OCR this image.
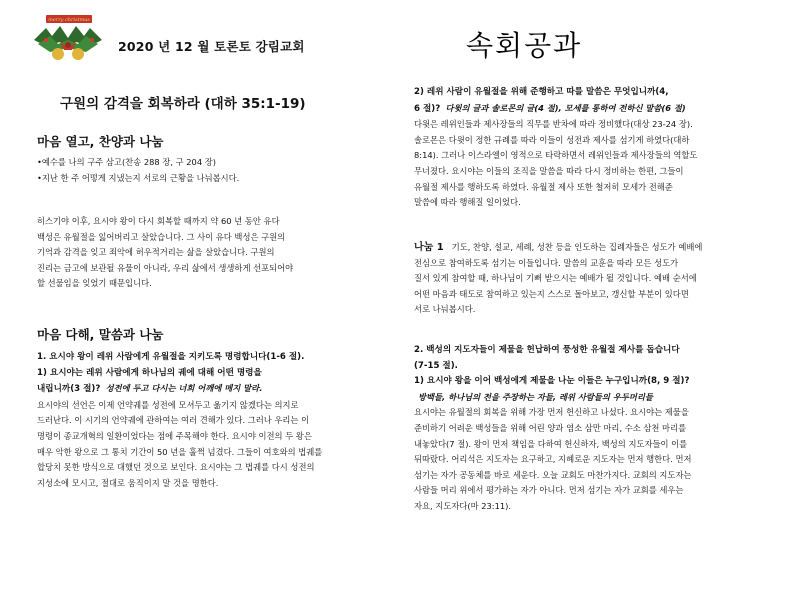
merry christmas
2020 년 12 월 토론토 강림교회	속회공과
구원의 감격을 회복하라 (대하 35:1-19)
마음 열고, 찬양과 나눔

•예수를 나의 구주 삼고(찬송 288 장, 구 204 장)

•지난 한 주 어떻게 지냈는지 서로의 근황을 나눠봅시다.

히스기야 이후, 요시야 왕이 다시 회복할 때까지 약 60 년 동안 유다

백성은 유월절을 잃어버리고 살았습니다. 그 사이 유다 백성은 구원의

기억과 감격을 잊고 죄악에 허우적거리는 삶을 살았습니다. 구원의

진리는 금고에 보관될 유물이 아니라, 우리 삶에서 생생하게 선포되어야

할 선물임을 잊었기 때문입니다.

마음 다해, 말씀과 나눔

1. 요시야 왕이 레위 사람에게 유월절을 지키도록 명령합니다(1-6 절).

1) 요시야는 레위 사람에게 하나님의 궤에 대해 어떤 명령을

내립니까(3 절)? 성전에 두고 다시는 너희 어깨에 메지 말라.

요시야의 선언은 이제 언약궤를 성전에 모셔두고 옮기지 않겠다는 의지로

드러난다. 이 시기의 언약궤에 관하여는 여러 견해가 있다. 그러나 우리는 이

명령이 종교개혁의 일환이었다는 점에 주목해야 한다. 요시야 이전의 두 왕은

매우 악한 왕으로 그 통치 기간이 50 년을 훌쩍 넘겼다. 그들이 여호와의 법궤를

합당치 못한 방식으로 대했던 것으로 보인다. 요시야는 그 법궤를 다시 성전의

지성소에 모시고, 절대로 움직이지 말 것을 명한다.

2) 레위 사람이 유월절을 위해 준행하고 따를 말씀은 무엇입니까(4,

6 절)? 다윗의 글과 솔로몬의 글(4 절), 모세를 통하여 전하신 말씀(6 절)

다윗은 레위인들과 제사장들의 직무를 반차에 따라 정비했다(대상 23-24 장).

솔로몬은 다윗이 정한 규례를 따라 이들이 성전과 제사를 섬기게 하였다(대하

8:14). 그러나 이스라엘이 영적으로 타락하면서 레위인들과 제사장들의 역할도

무너졌다. 요시야는 이들의 조직을 말씀을 따라 다시 정비하는 한편, 그들이

유월절 제사를 행하도록 하였다. 유월절 제사 또한 철저히 모세가 전해준

말씀에 따라 행해질 일이었다.

나눔 1 기도, 찬양, 설교, 세례, 성찬 등을 인도하는 집례자들은 성도가 예배에

전심으로 참여하도록 섬기는 이들입니다. 말씀의 교훈을 따라 모든 성도가

질서 있게 참여할 때, 하나님이 기뻐 받으시는 예배가 될 것입니다. 예배 순서에

어떤 마음과 태도로 참여하고 있는지 스스로 돌아보고, 갱신할 부분이 있다면

서로 나눠봅시다.

2. 백성의 지도자들이 제물을 헌납하여 풍성한 유월절 제사를 돕습니다

(7-15 절).

1) 요시야 왕을 이어 백성에게 제물을 나눈 이들은 누구입니까(8, 9 절)?

방백들, 하나님의 전을 주장하는 자들, 레위 사람들의 우두머리들

요시야는 유월절의 회복을 위해 가장 먼저 헌신하고 나섰다. 요시야는 제물을

준비하기 어려운 백성들을 위해 어린 양과 염소 삼만 마리, 수소 삼천 마리를

내놓았다(7 절). 왕이 먼저 책임을 다하여 헌신하자, 백성의 지도자들이 이를

뒤따랐다. 어리석은 지도자는 요구하고, 지혜로운 지도자는 먼저 행한다. 먼저

섬기는 자가 공동체를 바로 세운다. 오늘 교회도 마찬가지다. 교회의 지도자는

사람들 머리 위에서 평가하는 자가 아니다. 먼저 섬기는 자가 교회를 세우는

자요, 지도자다(마 23:11).
